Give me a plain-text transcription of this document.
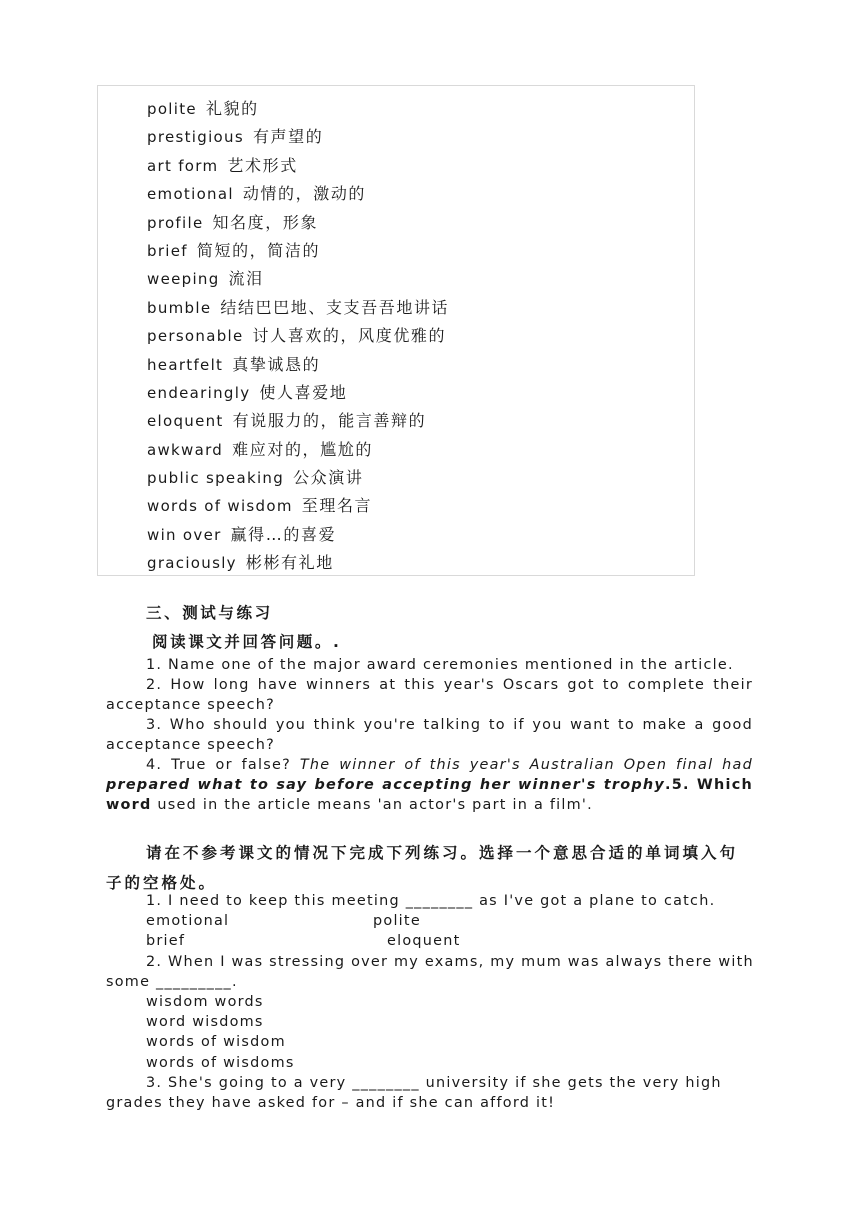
polite 礼貌的
prestigious 有声望的
art form 艺术形式
emotional 动情的，激动的
profile 知名度，形象
brief 简短的，简洁的
weeping 流泪
bumble 结结巴巴地、支支吾吾地讲话
personable 讨人喜欢的，风度优雅的
heartfelt 真挚诚恳的
endearingly 使人喜爱地
eloquent 有说服力的，能言善辩的
awkward 难应对的，尴尬的
public speaking 公众演讲
words of wisdom 至理名言
win over 赢得…的喜爱
graciously 彬彬有礼地
三、测试与练习
阅读课文并回答问题。.

1. Name one of the major award ceremonies mentioned in the article.

2. How long have winners at this year's Oscars got to complete their acceptance speech?

3. Who should you think you're talking to if you want to make a good acceptance speech?

4. True or false? The winner of this year's Australian Open final had prepared what to say before accepting her winner's trophy.5. Which word used in the article means 'an actor's part in a film'.

请在不参考课文的情况下完成下列练习。选择一个意思合适的单词填入句子的空格处。

1. I need to keep this meeting ________ as I've got a plane to catch.

emotional	polite

brief	eloquent

2. When I was stressing over my exams, my mum was always there with

some _________.

wisdom words

word wisdoms

words of wisdom

words of wisdoms

3. She's going to a very ________ university if she gets the very high

grades they have asked for – and if she can afford it!
